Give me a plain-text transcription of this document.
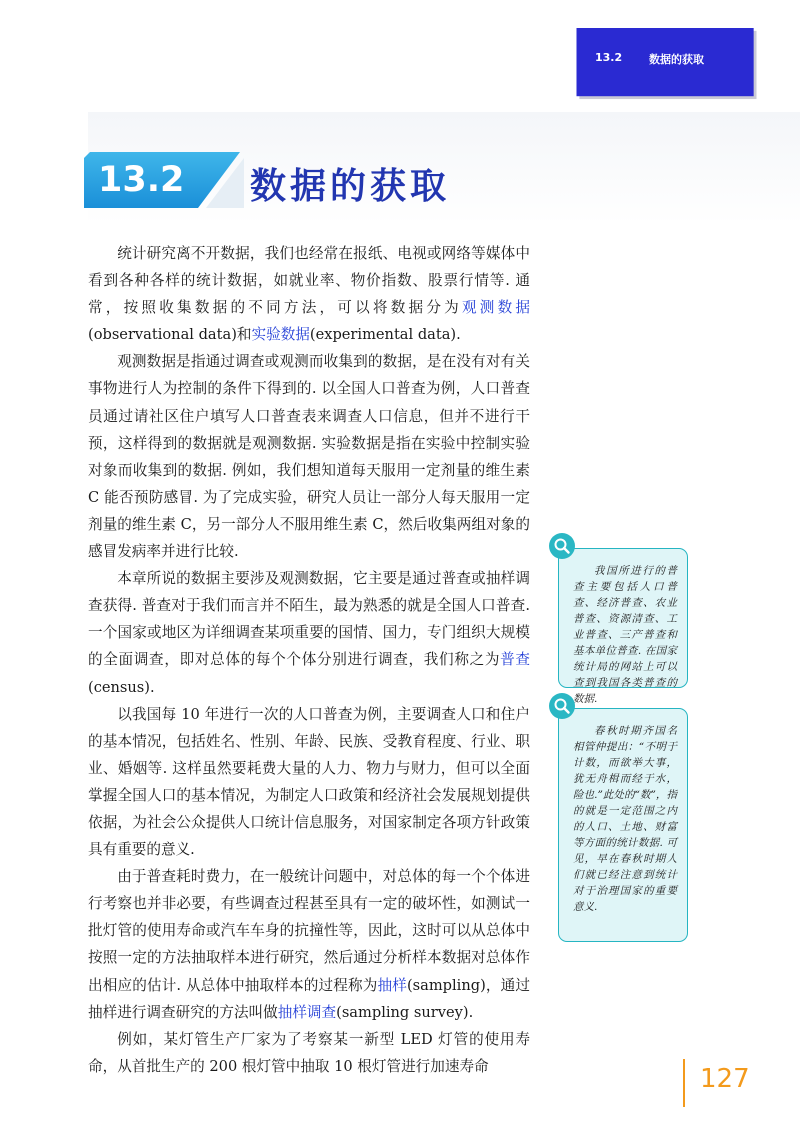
13.2 数据的获取
13.2 数据的获取

统计研究离不开数据，我们也经常在报纸、电视或网络等媒体中看到各种各样的统计数据，如就业率、物价指数、股票行情等. 通常，按照收集数据的不同方法，可以将数据分为观测数据(observational data)和实验数据(experimental data).

观测数据是指通过调查或观测而收集到的数据，是在没有对有关事物进行人为控制的条件下得到的. 以全国人口普查为例，人口普查员通过请社区住户填写人口普查表来调查人口信息，但并不进行干预，这样得到的数据就是观测数据. 实验数据是指在实验中控制实验对象而收集到的数据. 例如，我们想知道每天服用一定剂量的维生素 C 能否预防感冒. 为了完成实验，研究人员让一部分人每天服用一定剂量的维生素 C，另一部分人不服用维生素 C，然后收集两组对象的感冒发病率并进行比较.

本章所说的数据主要涉及观测数据，它主要是通过普查或抽样调查获得. 普查对于我们而言并不陌生，最为熟悉的就是全国人口普查. 一个国家或地区为详细调查某项重要的国情、国力，专门组织大规模的全面调查，即对总体的每个个体分别进行调查，我们称之为普查(census).

以我国每 10 年进行一次的人口普查为例，主要调查人口和住户的基本情况，包括姓名、性别、年龄、民族、受教育程度、行业、职业、婚姻等. 这样虽然要耗费大量的人力、物力与财力，但可以全面掌握全国人口的基本情况，为制定人口政策和经济社会发展规划提供依据，为社会公众提供人口统计信息服务，对国家制定各项方针政策具有重要的意义.

由于普查耗时费力，在一般统计问题中，对总体的每一个个体进行考察也并非必要，有些调查过程甚至具有一定的破坏性，如测试一批灯管的使用寿命或汽车车身的抗撞性等，因此，这时可以从总体中按照一定的方法抽取样本进行研究，然后通过分析样本数据对总体作出相应的估计. 从总体中抽取样本的过程称为抽样(sampling)，通过抽样进行调查研究的方法叫做抽样调查(sampling survey).

例如，某灯管生产厂家为了考察某一新型 LED 灯管的使用寿命，从首批生产的 200 根灯管中抽取 10 根灯管进行加速寿命

我国所进行的普查主要包括人口普查、经济普查、农业普查、资源清查、工业普查、三产普查和基本单位普查. 在国家统计局的网站上可以查到我国各类普查的数据.

春秋时期齐国名相管仲提出：“不明于计数，而欲举大事，犹无舟楫而经于水，险也.”此处的“数”，指的就是一定范围之内的人口、土地、财富等方面的统计数据. 可见，早在春秋时期人们就已经注意到统计对于治理国家的重要意义.

127
